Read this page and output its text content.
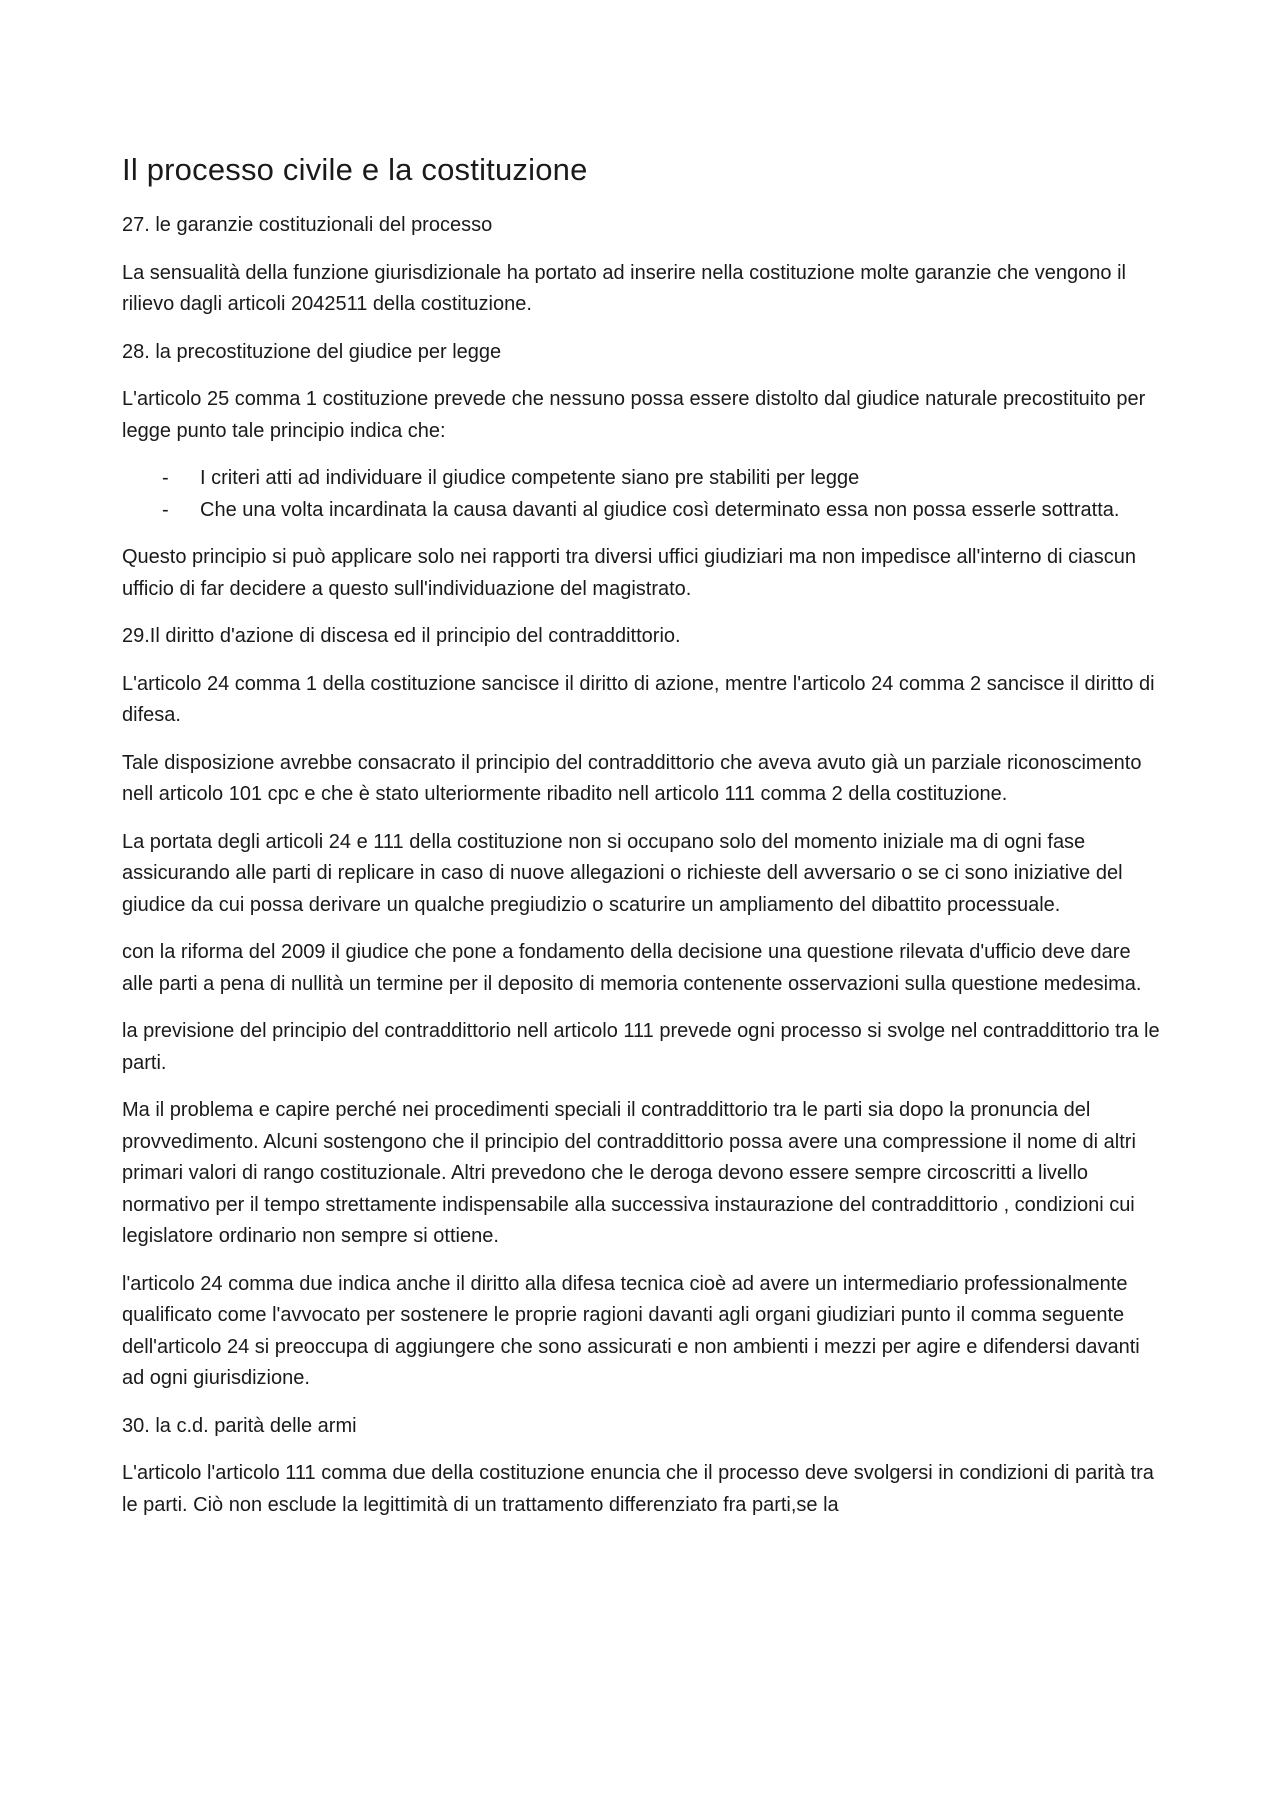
Il processo civile e la costituzione
27. le garanzie costituzionali del processo
La sensualità della funzione giurisdizionale ha portato ad inserire nella costituzione molte garanzie che vengono il rilievo dagli articoli 2042511 della costituzione.
28. la precostituzione del giudice per legge
L'articolo 25 comma 1 costituzione prevede che nessuno possa essere distolto dal giudice naturale precostituito per legge punto tale principio indica che:
- I criteri atti ad individuare il giudice competente siano pre stabiliti per legge
- Che una volta incardinata la causa davanti al giudice così determinato essa non possa esserle sottratta.
Questo principio si può applicare solo nei rapporti tra diversi uffici giudiziari ma non impedisce all'interno di ciascun ufficio di far decidere a questo sull'individuazione del magistrato.
29.Il diritto d'azione di discesa ed il principio del contraddittorio.
L'articolo 24 comma 1 della costituzione sancisce il diritto di azione, mentre l'articolo 24 comma 2 sancisce il diritto di difesa.
Tale disposizione avrebbe consacrato il principio del contraddittorio che aveva avuto già un parziale riconoscimento nell articolo 101 cpc e che è stato ulteriormente ribadito nell articolo 111 comma 2 della costituzione.
La portata degli articoli 24 e 111 della costituzione non si occupano solo del momento iniziale ma di ogni fase assicurando alle parti di replicare in caso di nuove allegazioni o richieste dell avversario o se ci sono iniziative del giudice da cui possa derivare un qualche pregiudizio o scaturire un ampliamento del dibattito processuale.
con la riforma del 2009 il giudice che pone a fondamento della decisione una questione rilevata d'ufficio deve dare alle parti a pena di nullità un termine per il deposito di memoria contenente osservazioni sulla questione medesima.
la previsione del principio del contraddittorio nell articolo 111 prevede ogni processo si svolge nel contraddittorio tra le parti.
Ma il problema e capire perché nei procedimenti speciali il contraddittorio tra le parti sia dopo la pronuncia del provvedimento. Alcuni sostengono che il principio del contraddittorio possa avere una compressione il nome di altri primari valori di rango costituzionale. Altri prevedono che le deroga devono essere sempre circoscritti a livello normativo per il tempo strettamente indispensabile alla successiva instaurazione del contraddittorio , condizioni cui legislatore ordinario non sempre si ottiene.
l'articolo 24 comma due indica anche il diritto alla difesa tecnica cioè ad avere un intermediario professionalmente qualificato come l'avvocato per sostenere le proprie ragioni davanti agli organi giudiziari punto il comma seguente dell'articolo 24 si preoccupa di aggiungere che sono assicurati e non ambienti i mezzi per agire e difendersi davanti ad ogni giurisdizione.
30. la c.d. parità delle armi
L'articolo l'articolo 111 comma due della costituzione enuncia che il processo deve svolgersi in condizioni di parità tra le parti. Ciò non esclude la legittimità di un trattamento differenziato fra parti,se la
